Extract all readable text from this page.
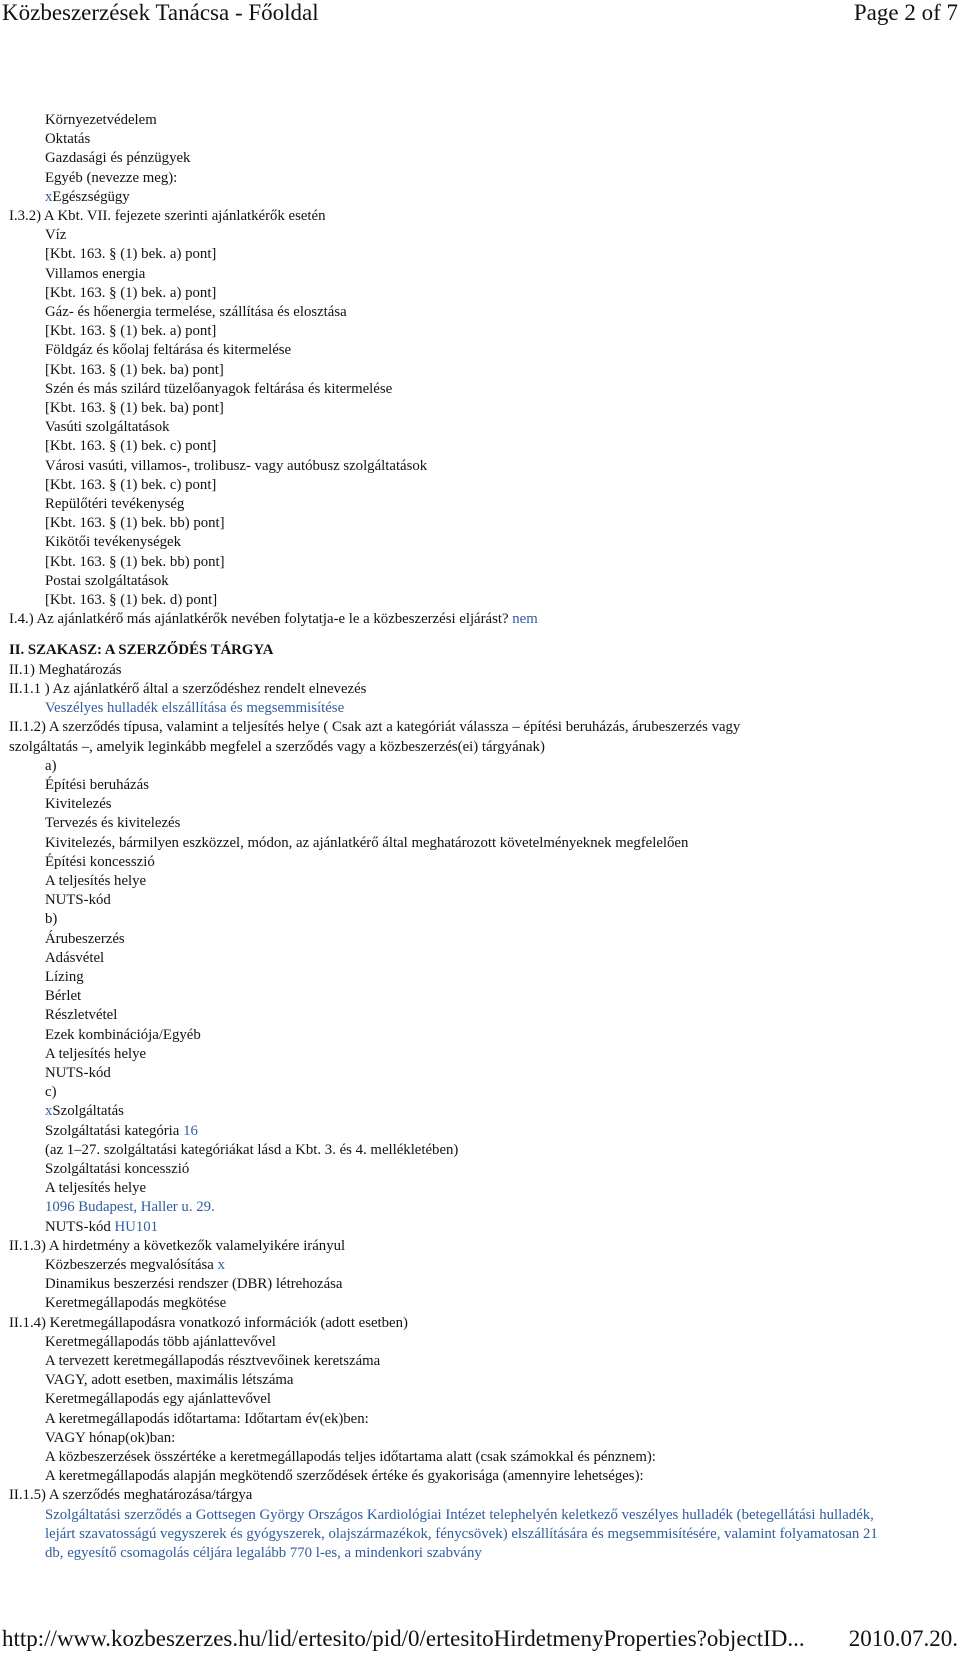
Közbeszerzések Tanácsa - Főoldal	Page 2 of 7
Környezetvédelem
Oktatás
Gazdasági és pénzügyek
Egyéb (nevezze meg):
xEgészségügy
I.3.2) A Kbt. VII. fejezete szerinti ajánlatkérők esetén
Víz
[Kbt. 163. § (1) bek. a) pont]
Villamos energia
[Kbt. 163. § (1) bek. a) pont]
Gáz- és hőenergia termelése, szállítása és elosztása
[Kbt. 163. § (1) bek. a) pont]
Földgáz és kőolaj feltárása és kitermelése
[Kbt. 163. § (1) bek. ba) pont]
Szén és más szilárd tüzelőanyagok feltárása és kitermelése
[Kbt. 163. § (1) bek. ba) pont]
Vasúti szolgáltatások
[Kbt. 163. § (1) bek. c) pont]
Városi vasúti, villamos-, trolibusz- vagy autóbusz szolgáltatások
[Kbt. 163. § (1) bek. c) pont]
Repülőtéri tevékenység
[Kbt. 163. § (1) bek. bb) pont]
Kikötői tevékenységek
[Kbt. 163. § (1) bek. bb) pont]
Postai szolgáltatások
[Kbt. 163. § (1) bek. d) pont]
I.4.) Az ajánlatkérő más ajánlatkérők nevében folytatja-e le a közbeszerzési eljárást? nem
II. SZAKASZ: A SZERZŐDÉS TÁRGYA
II.1) Meghatározás
II.1.1 ) Az ajánlatkérő által a szerződéshez rendelt elnevezés
Veszélyes hulladék elszállítása és megsemmisítése
II.1.2) A szerződés típusa, valamint a teljesítés helye ( Csak azt a kategóriát válassza – építési beruházás, árubeszerzés vagy
szolgáltatás –, amelyik leginkább megfelel a szerződés vagy a közbeszerzés(ei) tárgyának)
a)
Építési beruházás
Kivitelezés
Tervezés és kivitelezés
Kivitelezés, bármilyen eszközzel, módon, az ajánlatkérő által meghatározott követelményeknek megfelelően
Építési koncesszió
A teljesítés helye
NUTS-kód
b)
Árubeszerzés
Adásvétel
Lízing
Bérlet
Részletvétel
Ezek kombinációja/Egyéb
A teljesítés helye
NUTS-kód
c)
xSzolgáltatás
Szolgáltatási kategória 16
(az 1–27. szolgáltatási kategóriákat lásd a Kbt. 3. és 4. mellékletében)
Szolgáltatási koncesszió
A teljesítés helye
1096 Budapest, Haller u. 29.
NUTS-kód HU101
II.1.3) A hirdetmény a következők valamelyikére irányul
Közbeszerzés megvalósítása x
Dinamikus beszerzési rendszer (DBR) létrehozása
Keretmegállapodás megkötése
II.1.4) Keretmegállapodásra vonatkozó információk (adott esetben)
Keretmegállapodás több ajánlattevővel
A tervezett keretmegállapodás résztvevőinek keretszáma
VAGY, adott esetben, maximális létszáma
Keretmegállapodás egy ajánlattevővel
A keretmegállapodás időtartama: Időtartam év(ek)ben:
VAGY hónap(ok)ban:
A közbeszerzések összértéke a keretmegállapodás teljes időtartama alatt (csak számokkal és pénznem):
A keretmegállapodás alapján megkötendő szerződések értéke és gyakorisága (amennyire lehetséges):
II.1.5) A szerződés meghatározása/tárgya
Szolgáltatási szerződés a Gottsegen György Országos Kardiológiai Intézet telephelyén keletkező veszélyes hulladék (betegellátási hulladék, lejárt szavatosságú vegyszerek és gyógyszerek, olajszármazékok, fénycsövek) elszállítására és megsemmisítésére, valamint folyamatosan 21 db, egyesítő csomagolás céljára legalább 770 l-es, a mindenkori szabvány
http://www.kozbeszerzes.hu/lid/ertesito/pid/0/ertesitoHirdetmenyProperties?objectID... 2010.07.20.
